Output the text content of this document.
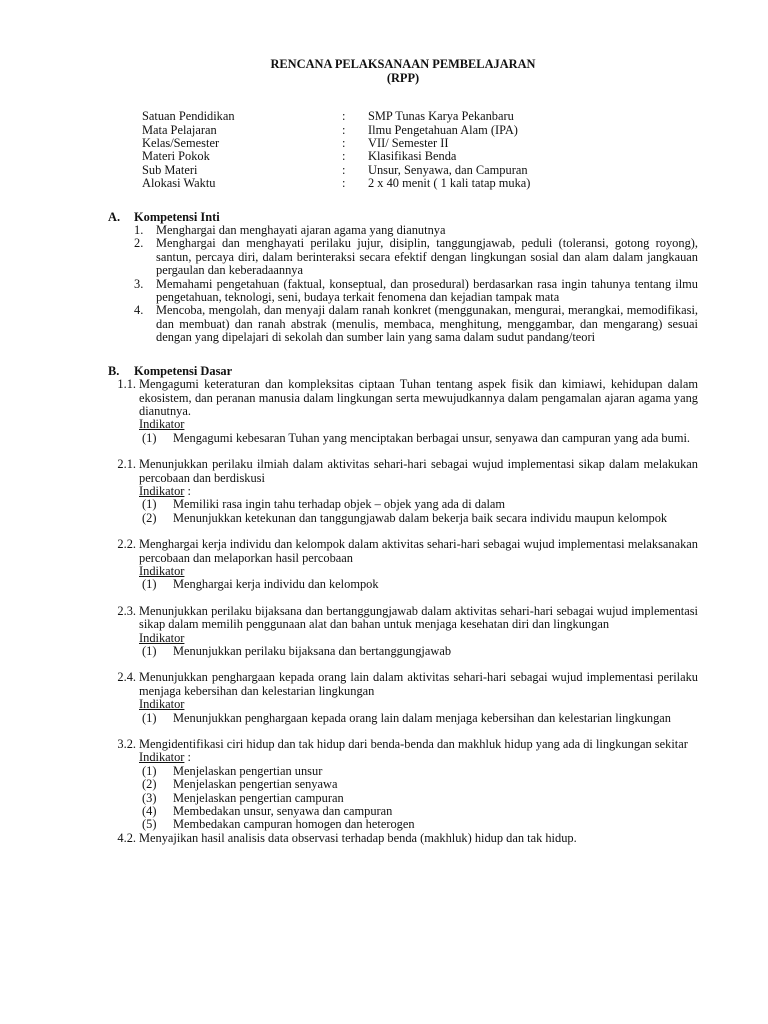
RENCANA PELAKSANAAN PEMBELAJARAN
(RPP)
Satuan Pendidikan	:	SMP Tunas Karya Pekanbaru
Mata Pelajaran	:	Ilmu Pengetahuan Alam (IPA)
Kelas/Semester	:	VII/ Semester II
Materi Pokok	:	Klasifikasi Benda
Sub Materi	:	Unsur, Senyawa, dan Campuran
Alokasi Waktu	:	2 x 40 menit ( 1 kali tatap muka)
A.	Kompetensi Inti
1.	Menghargai dan menghayati ajaran agama yang dianutnya
2.	Menghargai dan menghayati perilaku jujur, disiplin, tanggungjawab, peduli (toleransi, gotong royong), santun, percaya diri, dalam berinteraksi secara efektif dengan lingkungan sosial dan alam dalam jangkauan pergaulan dan keberadaannya
3.	Memahami pengetahuan (faktual, konseptual, dan prosedural) berdasarkan rasa ingin tahunya tentang ilmu pengetahuan, teknologi, seni, budaya terkait fenomena dan kejadian tampak mata
4.	Mencoba, mengolah, dan menyaji dalam ranah konkret (menggunakan, mengurai, merangkai, memodifikasi, dan membuat) dan ranah abstrak (menulis, membaca, menghitung, menggambar, dan mengarang) sesuai dengan yang dipelajari di sekolah dan sumber lain yang sama dalam sudut pandang/teori
B.	Kompetensi Dasar
1.1. Mengagumi keteraturan dan kompleksitas ciptaan Tuhan tentang aspek fisik dan kimiawi, kehidupan dalam ekosistem, dan peranan manusia dalam lingkungan serta mewujudkannya dalam pengamalan ajaran agama yang dianutnya.
Indikator
(1)	Mengagumi kebesaran Tuhan yang menciptakan berbagai unsur, senyawa dan campuran yang ada bumi.
2.1. Menunjukkan perilaku ilmiah dalam aktivitas sehari-hari sebagai wujud implementasi sikap dalam melakukan percobaan dan berdiskusi
Indikator :
(1)	Memiliki rasa ingin tahu terhadap objek – objek yang ada di dalam
(2)	Menunjukkan ketekunan dan tanggungjawab dalam bekerja baik secara individu maupun kelompok
2.2. Menghargai kerja individu dan kelompok dalam aktivitas sehari-hari sebagai wujud implementasi melaksanakan percobaan dan melaporkan hasil percobaan
Indikator
(1)	Menghargai kerja individu dan kelompok
2.3. Menunjukkan perilaku bijaksana dan bertanggungjawab dalam aktivitas sehari-hari sebagai wujud implementasi sikap dalam memilih penggunaan alat dan bahan untuk menjaga kesehatan diri dan lingkungan
Indikator
(1)	Menunjukkan perilaku bijaksana dan bertanggungjawab
2.4. Menunjukkan penghargaan kepada orang lain dalam aktivitas sehari-hari sebagai wujud implementasi perilaku menjaga kebersihan dan kelestarian lingkungan
Indikator
(1)	Menunjukkan penghargaan kepada orang lain dalam menjaga kebersihan dan kelestarian lingkungan
3.2. Mengidentifikasi ciri hidup dan tak hidup dari benda-benda dan makhluk hidup yang ada di lingkungan sekitar
Indikator :
(1)	Menjelaskan pengertian unsur
(2)	Menjelaskan pengertian senyawa
(3)	Menjelaskan pengertian campuran
(4)	Membedakan unsur, senyawa dan campuran
(5)	Membedakan campuran homogen dan heterogen
4.2. Menyajikan hasil analisis data observasi terhadap benda (makhluk) hidup dan tak hidup.
